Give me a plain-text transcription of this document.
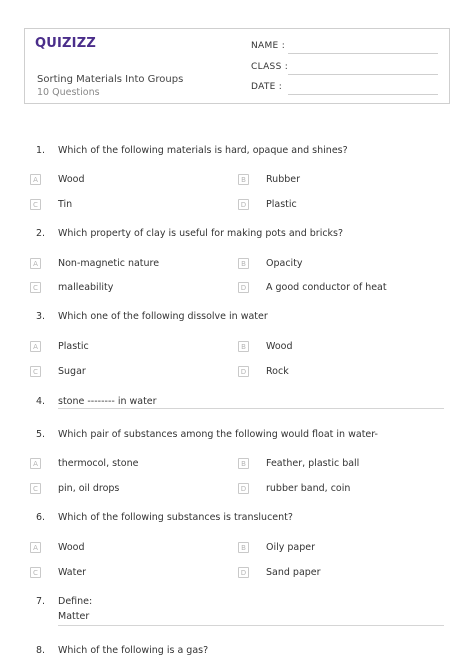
QUIZIZZ
Sorting Materials Into Groups
10 Questions
NAME :
CLASS :
DATE :
1. Which of the following materials is hard, opaque and shines?
A	Wood	B	Rubber
C	Tin	D Plastic
2. Which property of clay is useful for making pots and bricks?
A	Non-magnetic nature	B	Opacity
C	malleability	D A good conductor of heat
3. Which one of the following dissolve in water
A	Plastic	B	Wood
C	Sugar	D Rock
4. stone -------- in water
5. Which pair of substances among the following would float in water-
A	thermocol, stone	B	Feather, plastic ball
C	pin, oil drops	D rubber band, coin
6. Which of the following substances is translucent?
A	Wood	B	Oily paper
C	Water	D Sand paper
7. Define:
Matter
8. Which of the following is a gas?
